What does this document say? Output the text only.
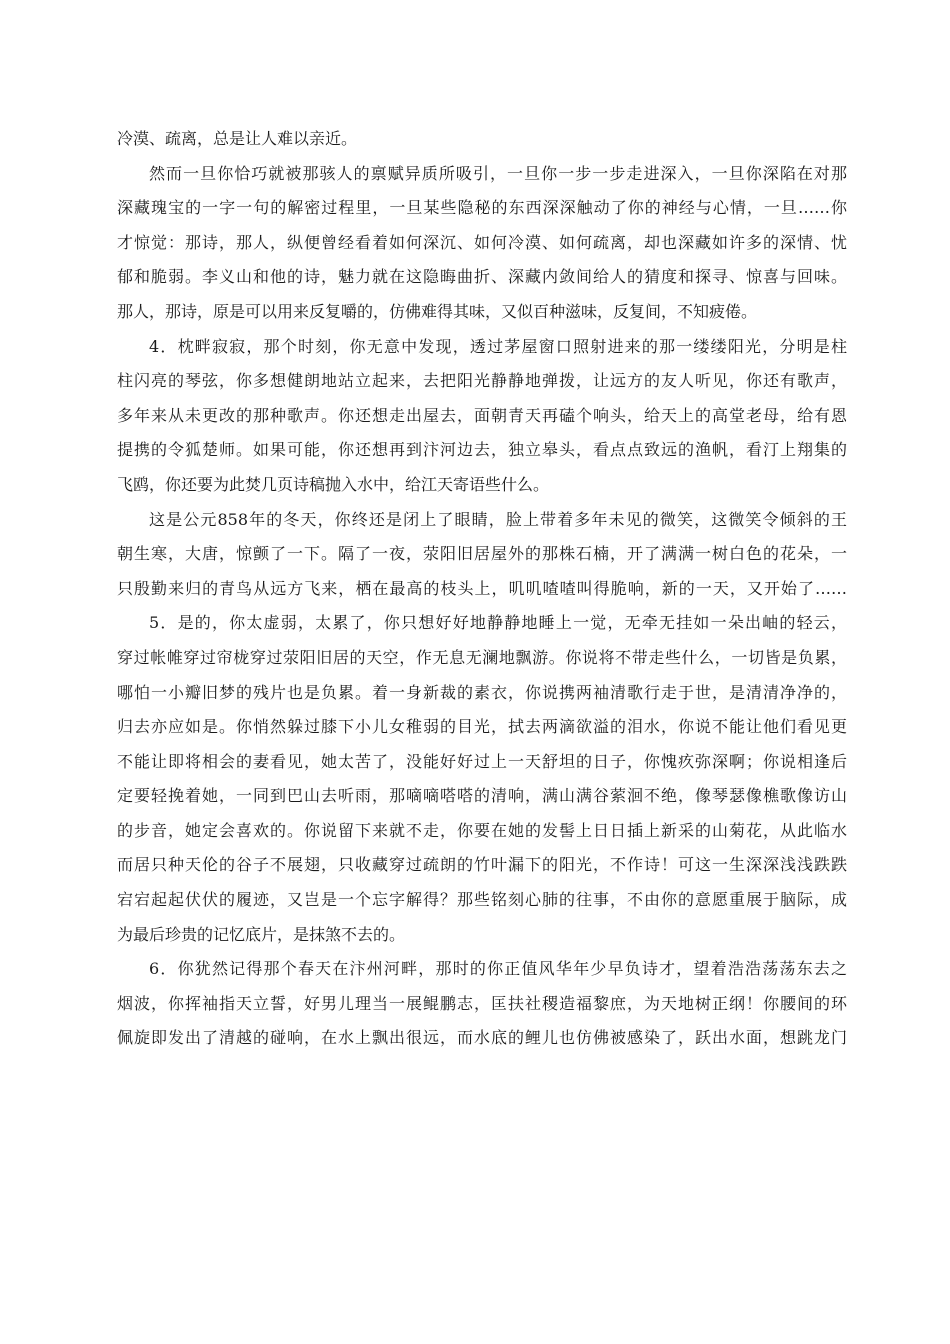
冷漠、疏离，总是让人难以亲近。
然而一旦你恰巧就被那骇人的禀赋异质所吸引，一旦你一步一步走进深入，一旦你深陷在对那
深藏瑰宝的一字一句的解密过程里，一旦某些隐秘的东西深深触动了你的神经与心情，一旦……你
才惊觉：那诗，那人，纵便曾经看着如何深沉、如何冷漠、如何疏离，却也深藏如许多的深情、忧
郁和脆弱。李义山和他的诗，魅力就在这隐晦曲折、深藏内敛间给人的猜度和探寻、惊喜与回味。
那人，那诗，原是可以用来反复嚼的，仿佛难得其味，又似百种滋味，反复间，不知疲倦。
4．枕畔寂寂，那个时刻，你无意中发现，透过茅屋窗口照射进来的那一缕缕阳光，分明是柱
柱闪亮的琴弦，你多想健朗地站立起来，去把阳光静静地弹拨，让远方的友人听见，你还有歌声，
多年来从未更改的那种歌声。你还想走出屋去，面朝青天再磕个响头，给天上的高堂老母，给有恩
提携的令狐楚师。如果可能，你还想再到汴河边去，独立皋头，看点点致远的渔帆，看汀上翔集的
飞鸥，你还要为此焚几页诗稿抛入水中，给江天寄语些什么。
这是公元858年的冬天，你终还是闭上了眼睛，脸上带着多年未见的微笑，这微笑令倾斜的王
朝生寒，大唐，惊颤了一下。隔了一夜，荥阳旧居屋外的那株石楠，开了满满一树白色的花朵，一
只殷勤来归的青鸟从远方飞来，栖在最高的枝头上，叽叽喳喳叫得脆响，新的一天，又开始了……
5．是的，你太虚弱，太累了，你只想好好地静静地睡上一觉，无牵无挂如一朵出岫的轻云，
穿过帐帷穿过帘栊穿过荥阳旧居的天空，作无息无澜地飘游。你说将不带走些什么，一切皆是负累，
哪怕一小瓣旧梦的残片也是负累。着一身新裁的素衣，你说携两袖清歌行走于世，是清清净净的，
归去亦应如是。你悄然躲过膝下小儿女稚弱的目光，拭去两滴欲溢的泪水，你说不能让他们看见更
不能让即将相会的妻看见，她太苦了，没能好好过上一天舒坦的日子，你愧疚弥深啊；你说相逢后
定要轻挽着她，一同到巴山去听雨，那嘀嘀嗒嗒的清响，满山满谷萦洄不绝，像琴瑟像樵歌像访山
的步音，她定会喜欢的。你说留下来就不走，你要在她的发髻上日日插上新采的山菊花，从此临水
而居只种天伦的谷子不展翅，只收藏穿过疏朗的竹叶漏下的阳光，不作诗！可这一生深深浅浅跌跌
宕宕起起伏伏的履迹，又岂是一个忘字解得？那些铭刻心肺的往事，不由你的意愿重展于脑际，成
为最后珍贵的记忆底片，是抹煞不去的。
6．你犹然记得那个春天在汴州河畔，那时的你正值风华年少早负诗才，望着浩浩荡荡东去之
烟波，你挥袖指天立誓，好男儿理当一展鲲鹏志，匡扶社稷造福黎庶，为天地树正纲！你腰间的环
佩旋即发出了清越的碰响，在水上飘出很远，而水底的鲤儿也仿佛被感染了，跃出水面，想跳龙门
